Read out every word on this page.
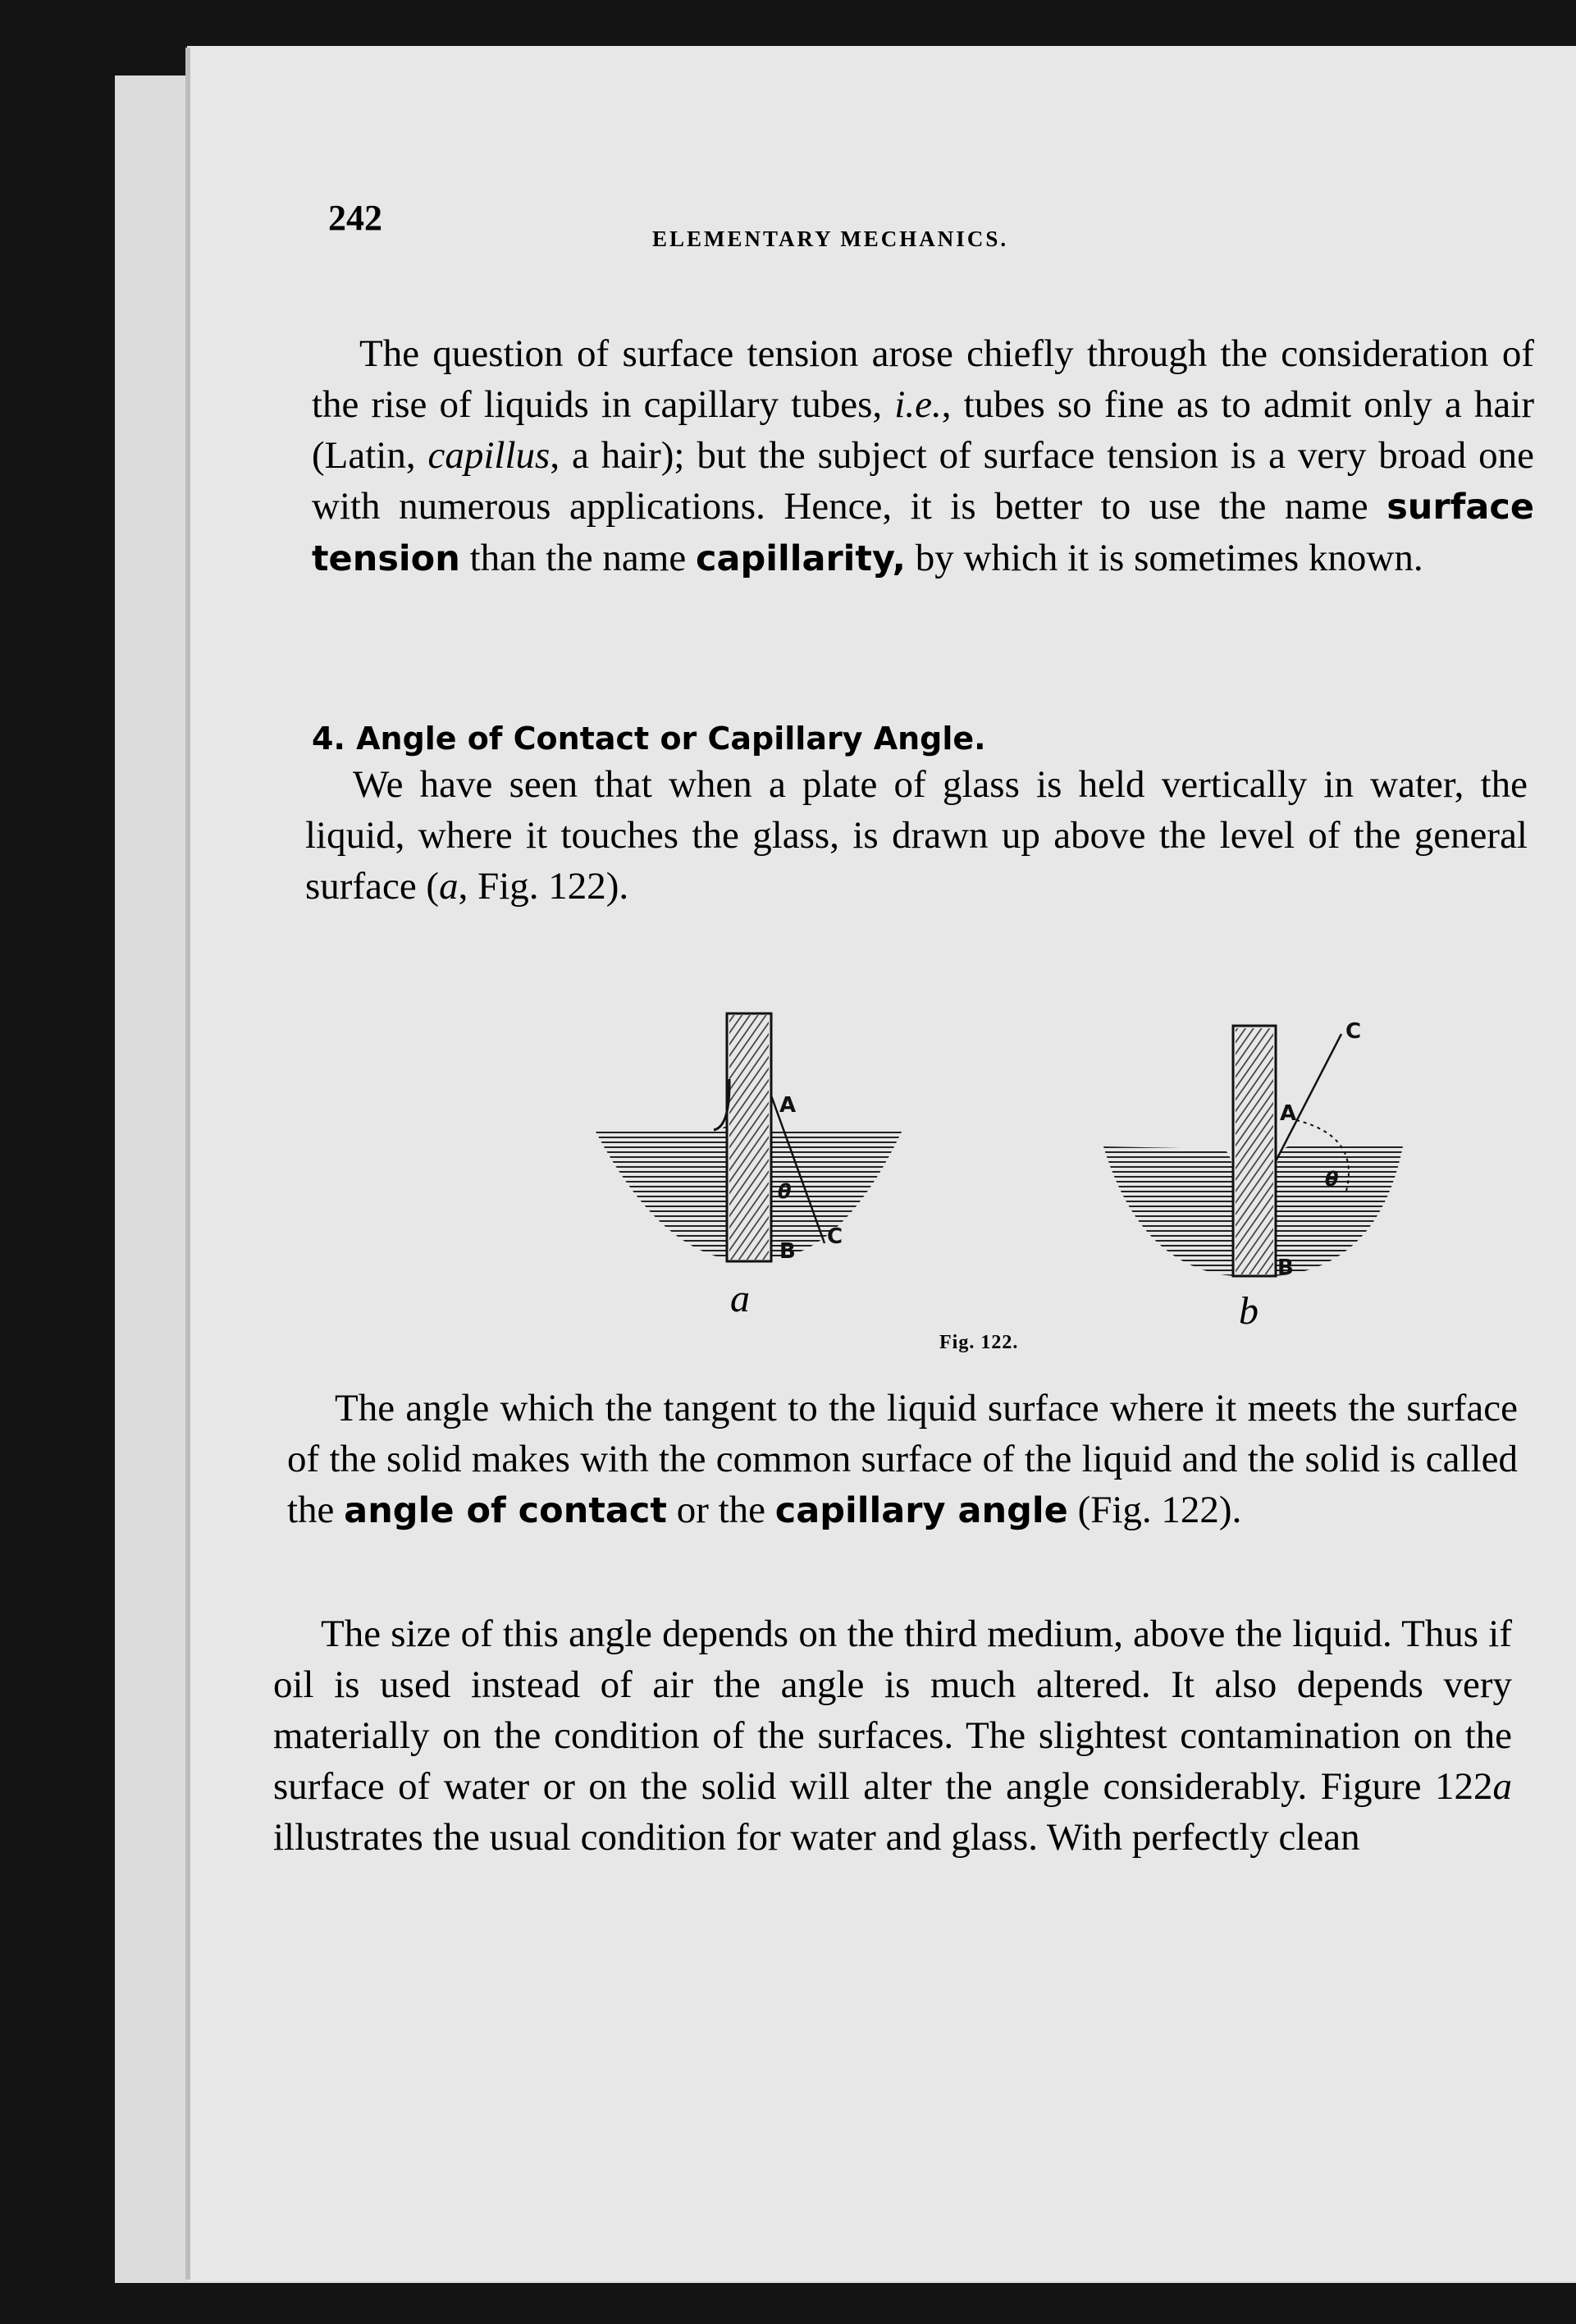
242
ELEMENTARY MECHANICS.

The question of surface tension arose chiefly through the consideration of the rise of liquids in capillary tubes, i.e., tubes so fine as to admit only a hair (Latin, capillus, a hair); but the subject of surface tension is a very broad one with numerous applications. Hence, it is better to use the name surface tension than the name capillarity, by which it is sometimes known.

4. Angle of Contact or Capillary Angle.

We have seen that when a plate of glass is held vertically in water, the liquid, where it touches the glass, is drawn up above the level of the general surface (a, Fig. 122).

A
B
C
θ
A
B
C
θ
a	b
Fig. 122.

The angle which the tangent to the liquid surface where it meets the surface of the solid makes with the common surface of the liquid and the solid is called the angle of contact or the capillary angle (Fig. 122).

The size of this angle depends on the third medium, above the liquid. Thus if oil is used instead of air the angle is much altered. It also depends very materially on the condition of the surfaces. The slightest contamination on the surface of water or on the solid will alter the angle considerably. Figure 122a illustrates the usual condition for water and glass. With perfectly clean
